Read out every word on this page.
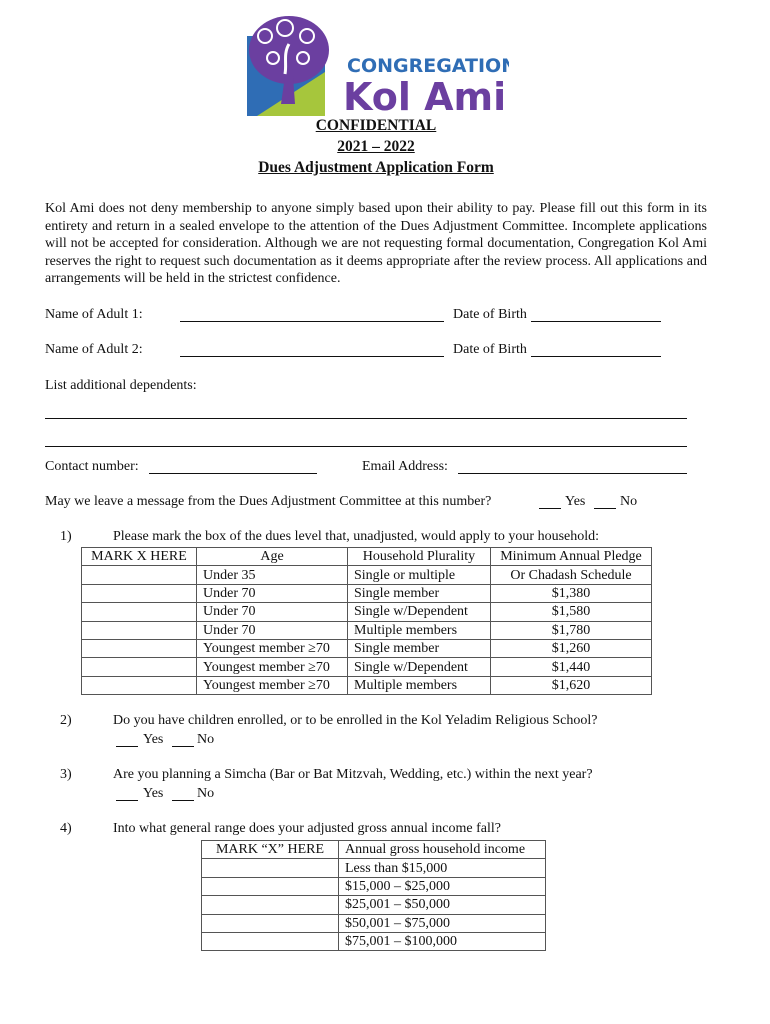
CONGREGATION
Kol Ami
CONFIDENTIAL
2021 – 2022
Dues Adjustment Application Form
Kol Ami does not deny membership to anyone simply based upon their ability to pay. Please fill out this form in its entirety and return in a sealed envelope to the attention of the Dues Adjustment Committee. Incomplete applications will not be accepted for consideration. Although we are not requesting formal documentation, Congregation Kol Ami reserves the right to request such documentation as it deems appropriate after the review process. All applications and arrangements will be held in the strictest confidence.
Name of Adult 1:	Date of Birth
Name of Adult 2:	Date of Birth
List additional dependents:
Contact number:	Email Address:
May we leave a message from the Dues Adjustment Committee at this number?	Yes No
1)	Please mark the box of the dues level that, unadjusted, would apply to your household:
MARK X HERE	Age	Household Plurality	Minimum Annual Pledge
	Under 35	Single or multiple	Or Chadash Schedule
	Under 70	Single member	$1,380
	Under 70	Single w/Dependent	$1,580
	Under 70	Multiple members	$1,780
	Youngest member ≥70	Single member	$1,260
	Youngest member ≥70	Single w/Dependent	$1,440
	Youngest member ≥70	Multiple members	$1,620
2)	Do you have children enrolled, or to be enrolled in the Kol Yeladim Religious School?
Yes No
3)	Are you planning a Simcha (Bar or Bat Mitzvah, Wedding, etc.) within the next year?
Yes No
4)	Into what general range does your adjusted gross annual income fall?
MARK “X” HERE	Annual gross household income
	Less than $15,000
	$15,000 – $25,000
	$25,001 – $50,000
	$50,001 – $75,000
	$75,001 – $100,000
